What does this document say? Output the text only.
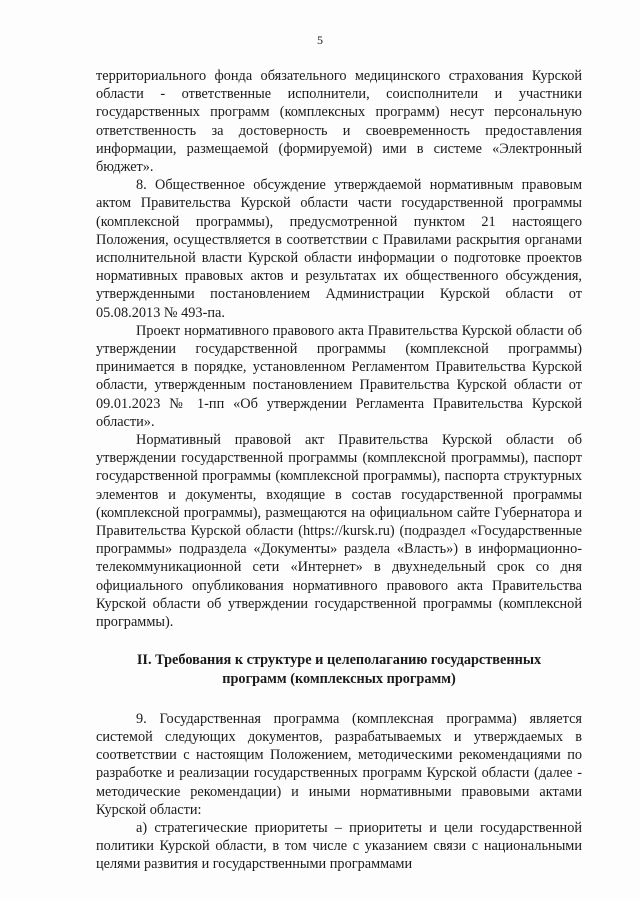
5

территориального фонда обязательного медицинского страхования Курской области - ответственные исполнители, соисполнители и участники государственных программ (комплексных программ) несут персональную ответственность за достоверность и своевременность предоставления информации, размещаемой (формируемой) ими в системе «Электронный бюджет».

8. Общественное обсуждение утверждаемой нормативным правовым актом Правительства Курской области части государственной программы (комплексной программы), предусмотренной пунктом 21 настоящего Положения, осуществляется в соответствии с Правилами раскрытия органами исполнительной власти Курской области информации о подготовке проектов нормативных правовых актов и результатах их общественного обсуждения, утвержденными постановлением Администрации Курской области от 05.08.2013 № 493-па.

Проект нормативного правового акта Правительства Курской области об утверждении государственной программы (комплексной программы) принимается в порядке, установленном Регламентом Правительства Курской области, утвержденным постановлением Правительства Курской области от 09.01.2023 № 1-пп «Об утверждении Регламента Правительства Курской области».

Нормативный правовой акт Правительства Курской области об утверждении государственной программы (комплексной программы), паспорт государственной программы (комплексной программы), паспорта структурных элементов и документы, входящие в состав государственной программы (комплексной программы), размещаются на официальном сайте Губернатора и Правительства Курской области (https://kursk.ru) (подраздел «Государственные программы» подраздела «Документы» раздела «Власть») в информационно-телекоммуникационной сети «Интернет» в двухнедельный срок со дня официального опубликования нормативного правового акта Правительства Курской области об утверждении государственной программы (комплексной программы).

II. Требования к структуре и целеполаганию государственных
программ (комплексных программ)

9. Государственная программа (комплексная программа) является системой следующих документов, разрабатываемых и утверждаемых в соответствии с настоящим Положением, методическими рекомендациями по разработке и реализации государственных программ Курской области (далее - методические рекомендации) и иными нормативными правовыми актами Курской области:

а) стратегические приоритеты – приоритеты и цели государственной политики Курской области, в том числе с указанием связи с национальными целями развития и государственными программами
